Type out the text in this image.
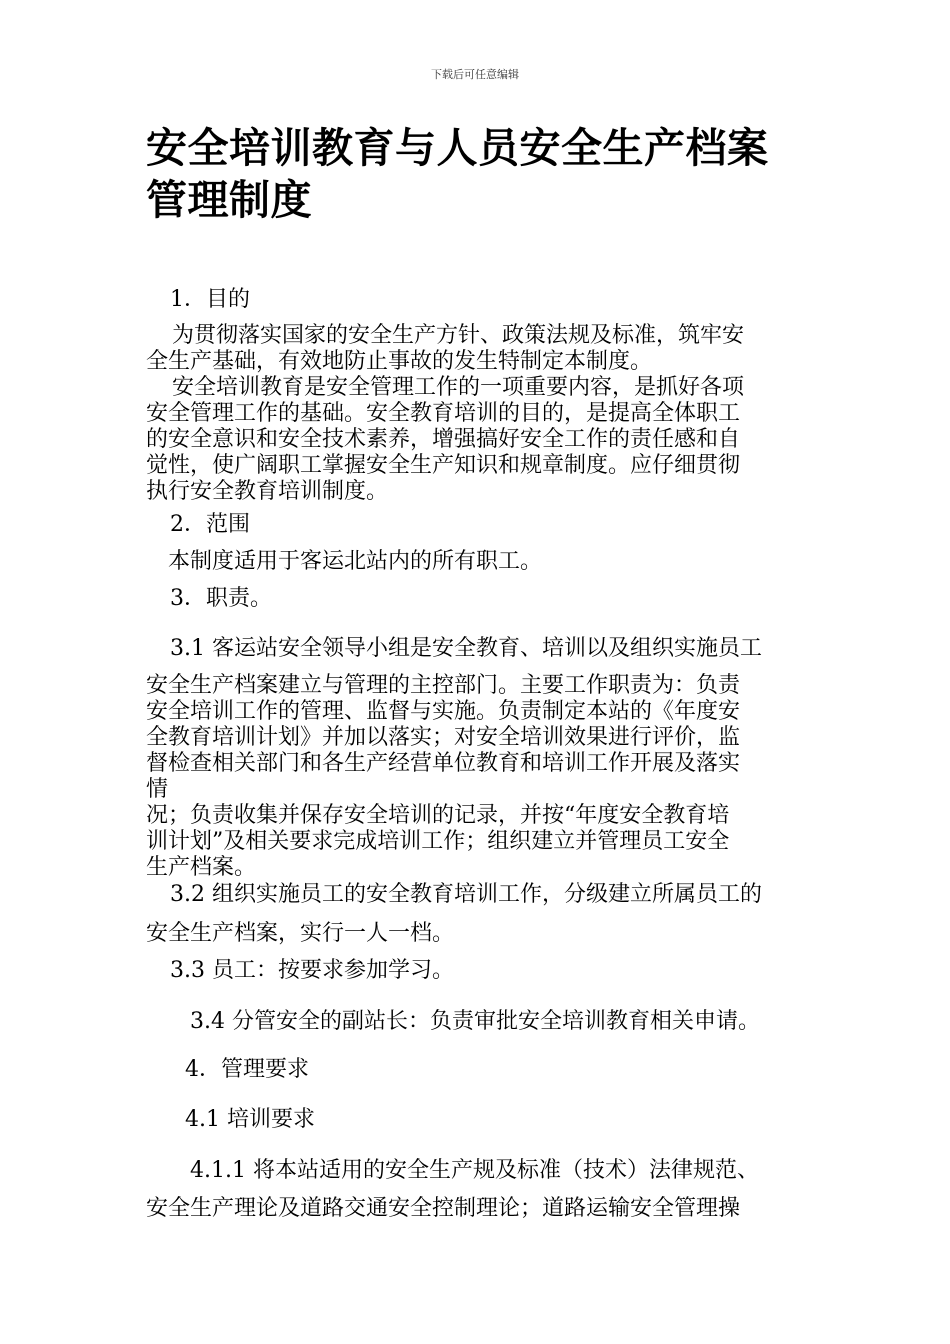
下载后可任意编辑
安全培训教育与人员安全生产档案
管理制度

1．目的

为贯彻落实国家的安全生产方针、政策法规及标准，筑牢安
全生产基础，有效地防止事故的发生特制定本制度。
安全培训教育是安全管理工作的一项重要内容，是抓好各项
安全管理工作的基础。安全教育培训的目的，是提高全体职工
的安全意识和安全技术素养，增强搞好安全工作的责任感和自
觉性，使广阔职工掌握安全生产知识和规章制度。应仔细贯彻
执行安全教育培训制度。

2．范围

本制度适用于客运北站内的所有职工。

3．职责。

3.1 客运站安全领导小组是安全教育、培训以及组织实施员工

安全生产档案建立与管理的主控部门。主要工作职责为：负责
安全培训工作的管理、监督与实施。负责制定本站的《年度安
全教育培训计划》并加以落实；对安全培训效果进行评价，监
督检查相关部门和各生产经营单位教育和培训工作开展及落实
情
况；负责收集并保存安全培训的记录，并按“年度安全教育培
训计划”及相关要求完成培训工作；组织建立并管理员工安全
生产档案。

3.2 组织实施员工的安全教育培训工作，分级建立所属员工的

安全生产档案，实行一人一档。

3.3 员工：按要求参加学习。

3.4 分管安全的副站长：负责审批安全培训教育相关申请。

4．管理要求

4.1 培训要求

4.1.1 将本站适用的安全生产规及标准（技术）法律规范、

安全生产理论及道路交通安全控制理论；道路运输安全管理操
